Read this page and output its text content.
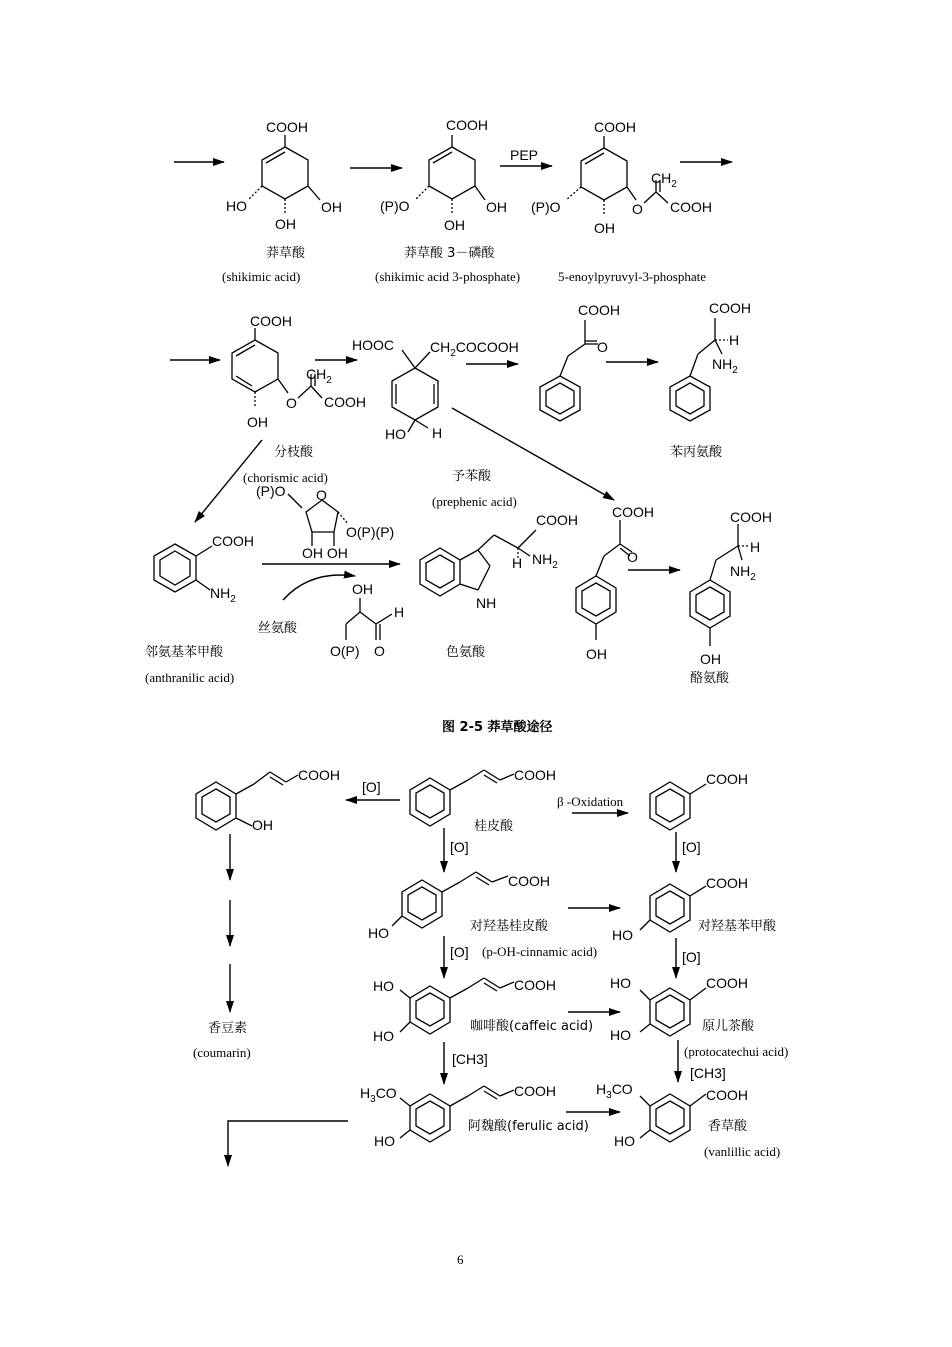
PEP
COOH
HO
OH
OH
莽草酸
(shikimic acid)
COOH
(P)O
OH
OH
莽草酸 3－磷酸
(shikimic acid 3-phosphate)
COOH
(P)O
OH
O
$CH_2$
COOH
5-enoylpyruvyl-3-phosphate
COOH
OH
O
$CH_2$
COOH
分枝酸
(chorismic acid)
HOOC	$CH_2COCOOH$
HO H
予苯酸
(prephenic acid)
O
COOH	COOH
H
$NH_2$
苯丙氨酸
COOH
$NH_2$
邻氨基苯甲酸
(anthranilic acid)
(P)O O
O(P)(P)
OH OH
丝氨酸
OH
O(P) O
H
NH
COOH
H $NH_2$
色氨酸
O
COOH
OH
COOH
H
$NH_2$
OH
酪氨酸
图 2-5 莽草酸途径
COOH
OH
[O]
香豆素
(coumarin)
COOH
桂皮酸
β -Oxidation
COOH
[O]	[O]
COOH
HO	对羟基桂皮酸
COOH
HO
对羟基苯甲酸
[O] (p-OH-cinnamic acid)	[O]
COOH
HO
HO
咖啡酸(caffeic acid)
COOH
HO
HO
原儿茶酸
[CH3]	(protocatechui acid)
[CH3]
COOH
$H_3CO$
HO
阿魏酸(ferulic acid)
COOH
$H_3CO$
HO
香草酸
(vanlillic acid)
6
